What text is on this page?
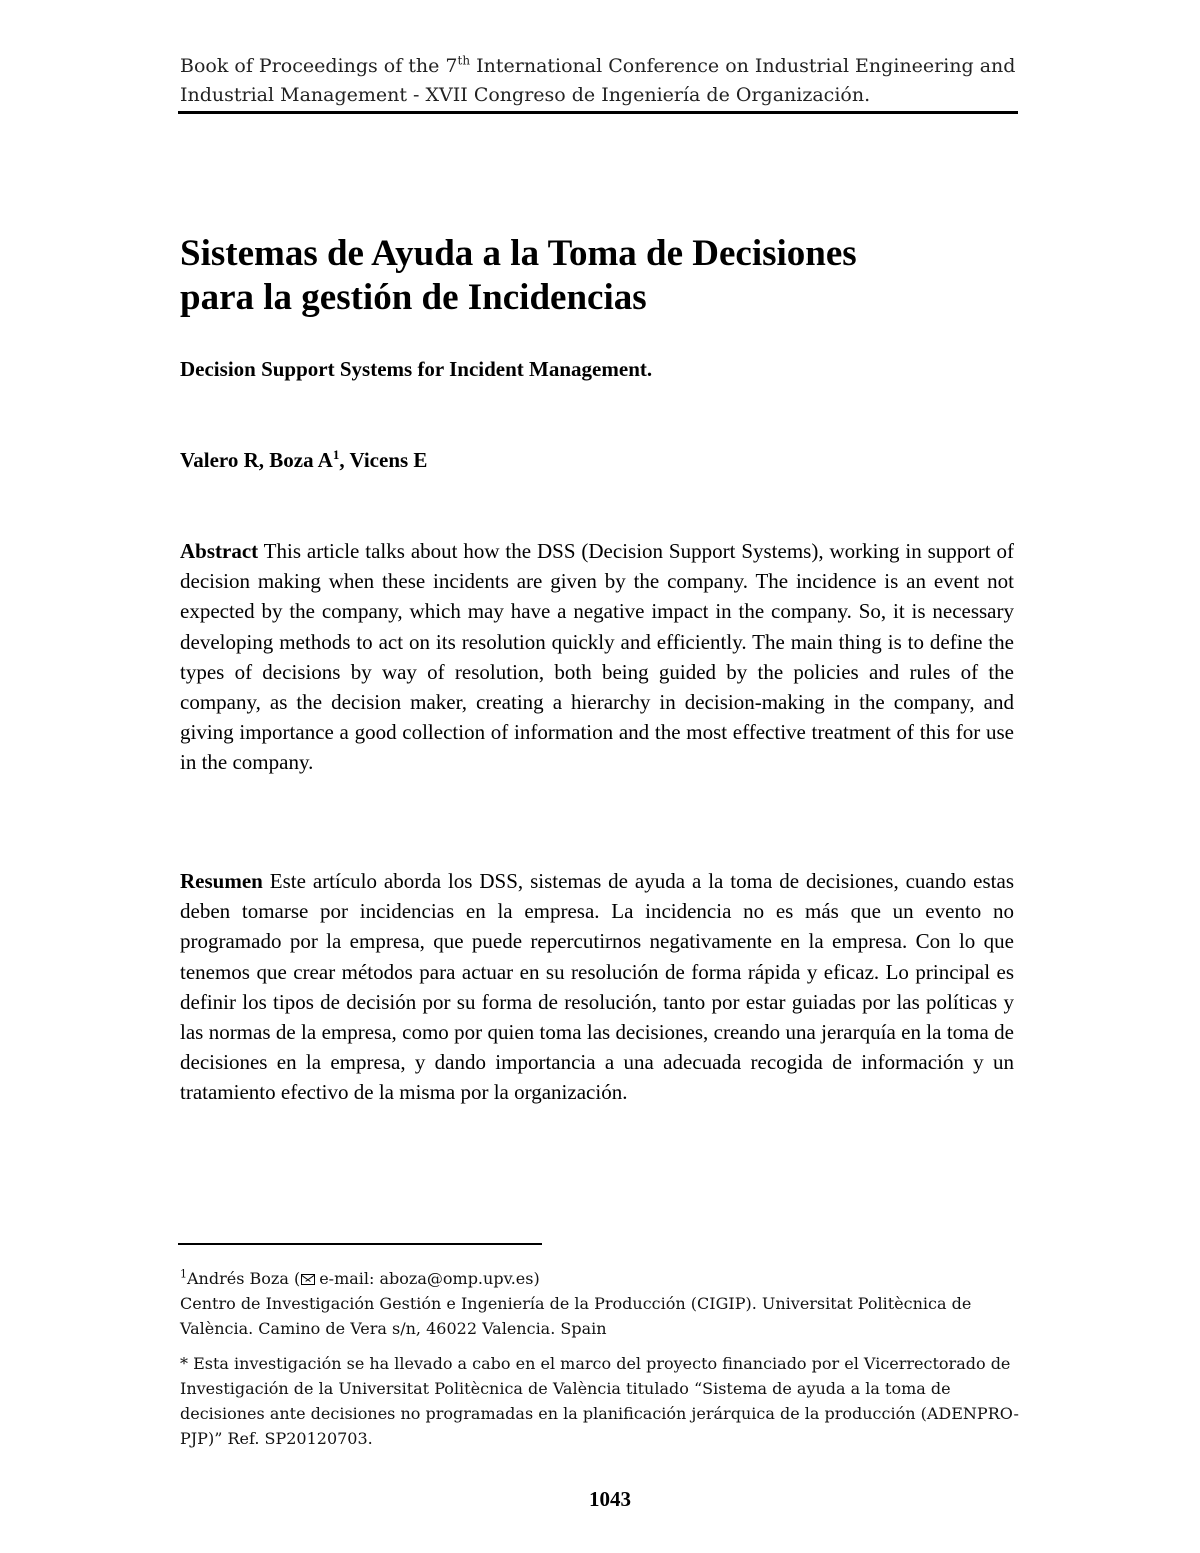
Book of Proceedings of the 7th International Conference on Industrial Engineering and
Industrial Management - XVII Congreso de Ingeniería de Organización.
Sistemas de Ayuda a la Toma de Decisiones
para la gestión de Incidencias

Decision Support Systems for Incident Management.

Valero R, Boza $A^1$, Vicens E

Abstract This article talks about how the DSS (Decision Support Systems), working in support of decision making when these incidents are given by the company. The incidence is an event not expected by the company, which may have a negative impact in the company. So, it is necessary developing methods to act on its resolution quickly and efficiently. The main thing is to define the types of decisions by way of resolution, both being guided by the policies and rules of the company, as the decision maker, creating a hierarchy in decision-making in the company, and giving importance a good collection of information and the most effective treatment of this for use in the company.

Resumen Este artículo aborda los DSS, sistemas de ayuda a la toma de decisiones, cuando estas deben tomarse por incidencias en la empresa. La incidencia no es más que un evento no programado por la empresa, que puede repercutirnos negativamente en la empresa. Con lo que tenemos que crear métodos para actuar en su resolución de forma rápida y eficaz. Lo principal es definir los tipos de decisión por su forma de resolución, tanto por estar guiadas por las políticas y las normas de la empresa, como por quien toma las decisiones, creando una jerarquía en la toma de decisiones en la empresa, y dando importancia a una adecuada recogida de información y un tratamiento efectivo de la misma por la organización.

$^1$Andrés Boza ( e-mail: aboza@omp.upv.es)

Centro de Investigación Gestión e Ingeniería de la Producción (CIGIP). Universitat Politècnica de València. Camino de Vera s/n, 46022 Valencia. Spain

* Esta investigación se ha llevado a cabo en el marco del proyecto financiado por el Vicerrectorado de Investigación de la Universitat Politècnica de València titulado “Sistema de ayuda a la toma de decisiones ante decisiones no programadas en la planificación jerárquica de la producción (ADENPRO-PJP)” Ref. SP20120703.

1043
